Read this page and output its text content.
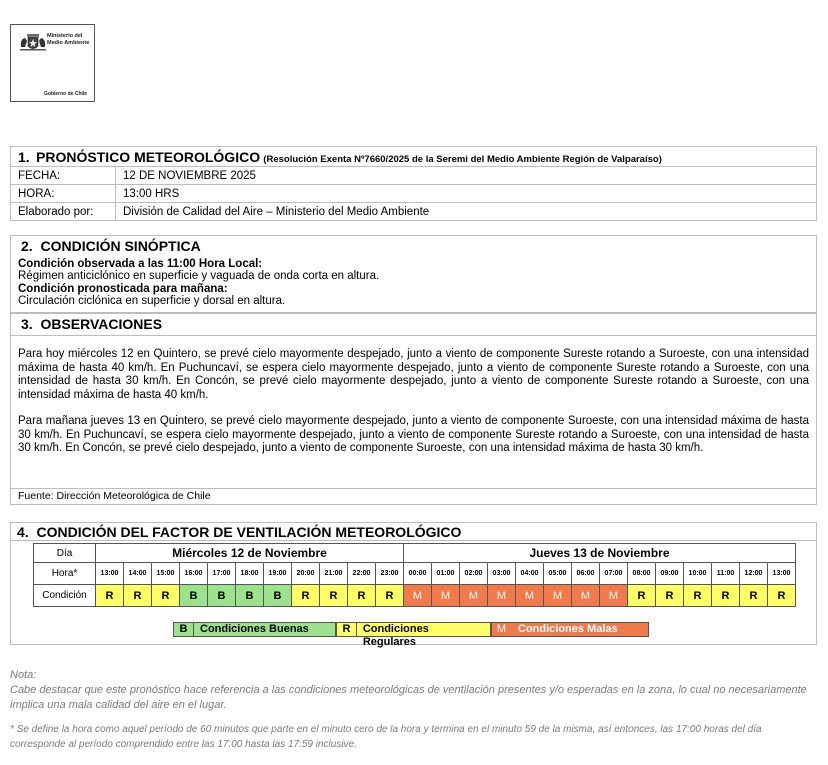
Ministerio del Medio Ambiente
Gobierno de Chile
1. PRONÓSTICO METEOROLÓGICO (Resolución Exenta Nº7660/2025 de la Seremi del Medio Ambiente Región de Valparaíso)	
FECHA:	12 DE NOVIEMBRE 2025
HORA:	13:00 HRS
Elaborado por:	División de Calidad del Aire – Ministerio del Medio Ambiente
2. CONDICIÓN SINÓPTICA
Condición observada a las 11:00 Hora Local:
Régimen anticiclónico en superficie y vaguada de onda corta en altura.
Condición pronosticada para mañana:
Circulación ciclónica en superficie y dorsal en altura.
3. OBSERVACIONES

Para hoy miércoles 12 en Quintero, se prevé cielo mayormente despejado, junto a viento de componente Sureste rotando a Suroeste, con una intensidad máxima de hasta 40 km/h. En Puchuncaví, se espera cielo mayormente despejado, junto a viento de componente Sureste rotando a Suroeste, con una intensidad de hasta 30 km/h. En Concón, se prevé cielo mayormente despejado, junto a viento de componente Sureste rotando a Suroeste, con una intensidad máxima de hasta 40 km/h.

Para mañana jueves 13 en Quintero, se prevé cielo mayormente despejado, junto a viento de componente Suroeste, con una intensidad máxima de hasta 30 km/h. En Puchuncaví, se espera cielo mayormente despejado, junto a viento de componente Sureste rotando a Suroeste, con una intensidad de hasta 30 km/h. En Concón, se prevé cielo despejado, junto a viento de componente Suroeste, con una intensidad máxima de hasta 30 km/h.

Fuente: Dirección Meteorológica de Chile
4. CONDICIÓN DEL FACTOR DE VENTILACIÓN METEOROLÓGICO
Día	Miércoles 12 de Noviembre											Jueves 13 de Noviembre													
Hora*	13:00	14:00	15:00	16:00	17:00	18:00	19:00	20:00	21:00	22:00	23:00	00:00	01:00	02:00	03:00	04:00	05:00	06:00	07:00	08:00	09:00	10:00	11:00	12:00	13:00
Condición	R	R	R	B	B	B	B	R	R	R	R	M	M	M	M	M	M	M	M	R	R	R	R	R	R
B	Condiciones Buenas	R	Condiciones Regulares
M	Condiciones Malas
Nota:
Cabe destacar que este pronóstico hace referencia a las condiciones meteorológicas de ventilación presentes y/o esperadas en la zona, lo cual no necesariamente implica una mala calidad del aire en el lugar.
* Se define la hora como aquel período de 60 minutos que parte en el minuto cero de la hora y termina en el minuto 59 de la misma, así entonces, las 17:00 horas del día corresponde al período comprendido entre las 17:00 hasta las 17:59 inclusive.
